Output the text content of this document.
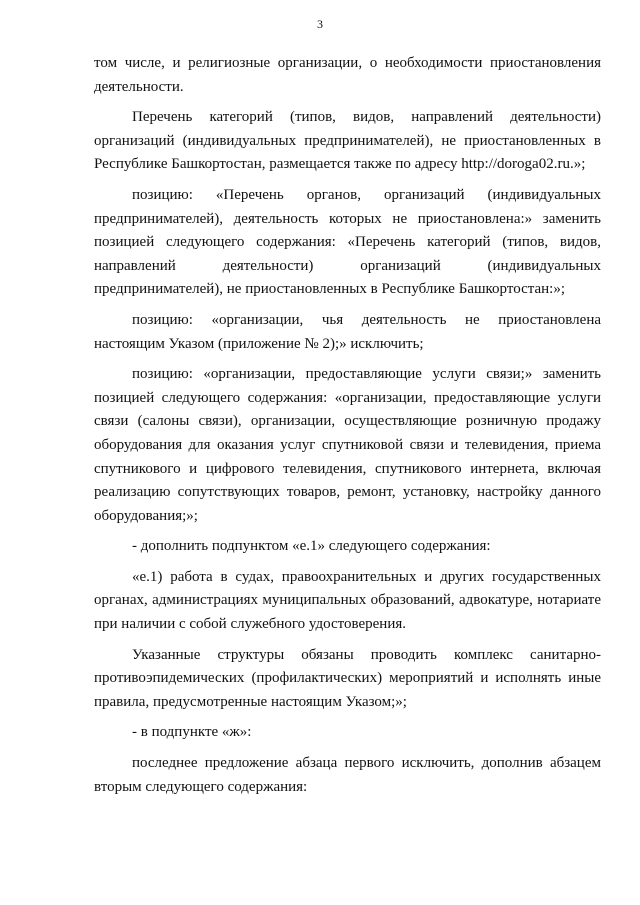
3

том числе, и религиозные организации, о необходимости приостановления деятельности.

Перечень категорий (типов, видов, направлений деятельности) организаций (индивидуальных предпринимателей), не приостановленных в Республике Башкортостан, размещается также по адресу http://doroga02.ru.»;

позицию: «Перечень органов, организаций (индивидуальных предпринимателей), деятельность которых не приостановлена:» заменить позицией следующего содержания: «Перечень категорий (типов, видов, направлений деятельности) организаций (индивидуальных предпринимателей), не приостановленных в Республике Башкортостан:»;

позицию: «организации, чья деятельность не приостановлена настоящим Указом (приложение № 2);» исключить;

позицию: «организации, предоставляющие услуги связи;» заменить позицией следующего содержания: «организации, предоставляющие услуги связи (салоны связи), организации, осуществляющие розничную продажу оборудования для оказания услуг спутниковой связи и телевидения, приема спутникового и цифрового телевидения, спутникового интернета, включая реализацию сопутствующих товаров, ремонт, установку, настройку данного оборудования;»;

- дополнить подпунктом «е.1» следующего содержания:

«е.1) работа в судах, правоохранительных и других государственных органах, администрациях муниципальных образований, адвокатуре, нотариате при наличии с собой служебного удостоверения.

Указанные структуры обязаны проводить комплекс санитарно-противоэпидемических (профилактических) мероприятий и исполнять иные правила, предусмотренные настоящим Указом;»;

- в подпункте «ж»:

последнее предложение абзаца первого исключить, дополнив абзацем вторым следующего содержания:
